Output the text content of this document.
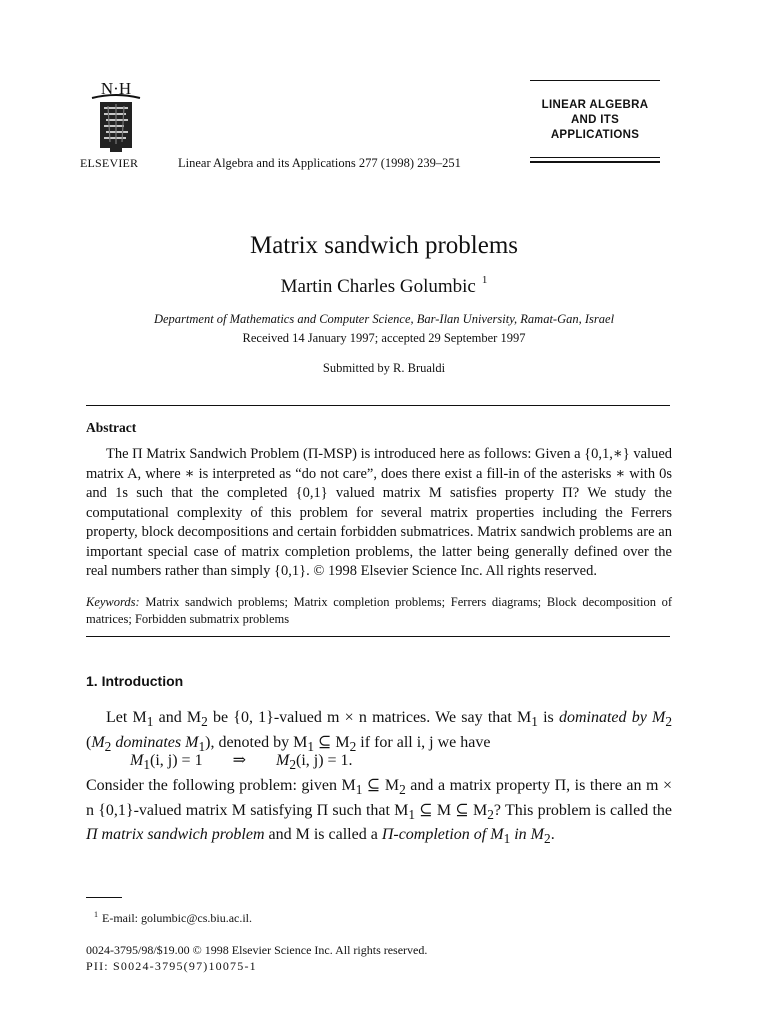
N·H
ELSEVIER	Linear Algebra and its Applications 277 (1998) 239–251
LINEAR ALGEBRA
AND ITS
APPLICATIONS
Matrix sandwich problems
Martin Charles Golumbic $^1$
Department of Mathematics and Computer Science, Bar-Ilan University, Ramat-Gan, Israel
Received 14 January 1997; accepted 29 September 1997
Submitted by R. Brualdi
Abstract
The Π Matrix Sandwich Problem (Π-MSP) is introduced here as follows: Given a {0,1,∗} valued matrix A, where ∗ is interpreted as “do not care”, does there exist a fill-in of the asterisks ∗ with 0s and 1s such that the completed {0,1} valued matrix M satisfies property Π? We study the computational complexity of this problem for several matrix properties including the Ferrers property, block decompositions and certain forbidden submatrices. Matrix sandwich problems are an important special case of matrix completion problems, the latter being generally defined over the real numbers rather than simply {0,1}. © 1998 Elsevier Science Inc. All rights reserved.
Keywords: Matrix sandwich problems; Matrix completion problems; Ferrers diagrams; Block decomposition of matrices; Forbidden submatrix problems
1. Introduction
Let $M_1$ and $M_2$ be {0, 1}-valued m × n matrices. We say that $M_1$ is dominated by $M_2$ ($M_2$ dominates $M_1$), denoted by $M_1$ ⊆ $M_2$ if for all i, j we have
$M_1(i$, j) = 1 ⇒ $M_2(i$, j) = 1.
Consider the following problem: given $M_1$ ⊆ $M_2$ and a matrix property Π, is there an m × n {0,1}-valued matrix M satisfying Π such that $M_1$ ⊆ M ⊆ $M_2$? This problem is called the Π matrix sandwich problem and M is called a Π-completion of $M_1$ in $M_2$.
$^1$ E-mail: golumbic@cs.biu.ac.il.
0024-3795/98/$19.00 © 1998 Elsevier Science Inc. All rights reserved.
PII: S0024-3795(97)10075-1
